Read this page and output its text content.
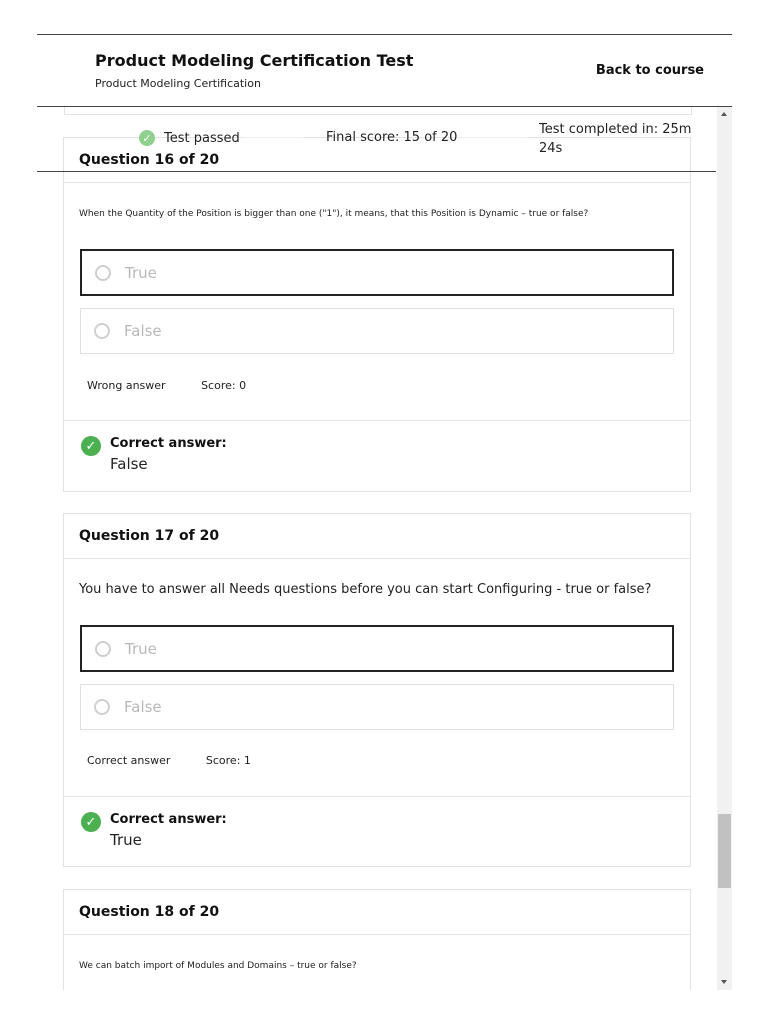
Product Modeling Certification Test
Product Modeling Certification
Back to course
✓ Test passed	Final score: 15 of 20
Test completed in: 25m
24s
Question 16 of 20
When the Quantity of the Position is bigger than one ("1"), it means, that this Position is Dynamic – true or false?
True
False
Wrong answer	Score: 0
✓	Correct answer:
False
Question 17 of 20
You have to answer all Needs questions before you can start Configuring - true or false?
True
False
Correct answer	Score: 1
✓	Correct answer:
True
Question 18 of 20
We can batch import of Modules and Domains – true or false?
